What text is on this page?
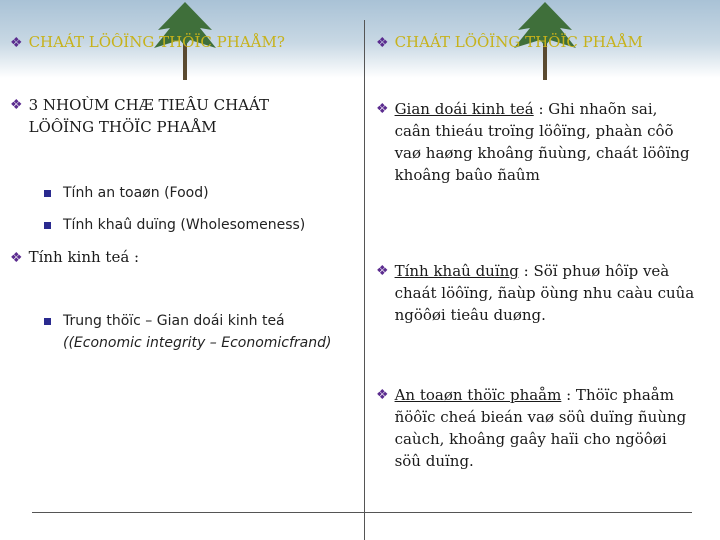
❖ CHAÁT LÖÔÏNG THÖÏC PHAÅM?
❖ 3 NHOÙM CHÆ TIEÂU CHAÁT LÖÔÏNG THÖÏC PHAÅM
Tính an toaøn (Food)
Tính khaû duïng (Wholesomeness)
❖ Tính kinh teá :
Trung thöïc – Gian doái kinh teá
((Economic integrity – Economicfrand)
❖ CHAÁT LÖÔÏNG THÖÏC PHAÅM
❖ Gian doái kinh teá : Ghi nhaõn sai, caân thieáu troïng löôïng, phaàn côõ vaø haøng khoâng ñuùng, chaát löôïng khoâng baûo ñaûm
❖ Tính khaû duïng : Söï phuø hôïp veà chaát löôïng, ñaùp öùng nhu caàu cuûa ngöôøi tieâu duøng.
❖ An toaøn thöïc phaåm : Thöïc phaåm ñöôïc cheá bieán vaø söû duïng ñuùng caùch, khoâng gaây haïi cho ngöôøi söû duïng.
